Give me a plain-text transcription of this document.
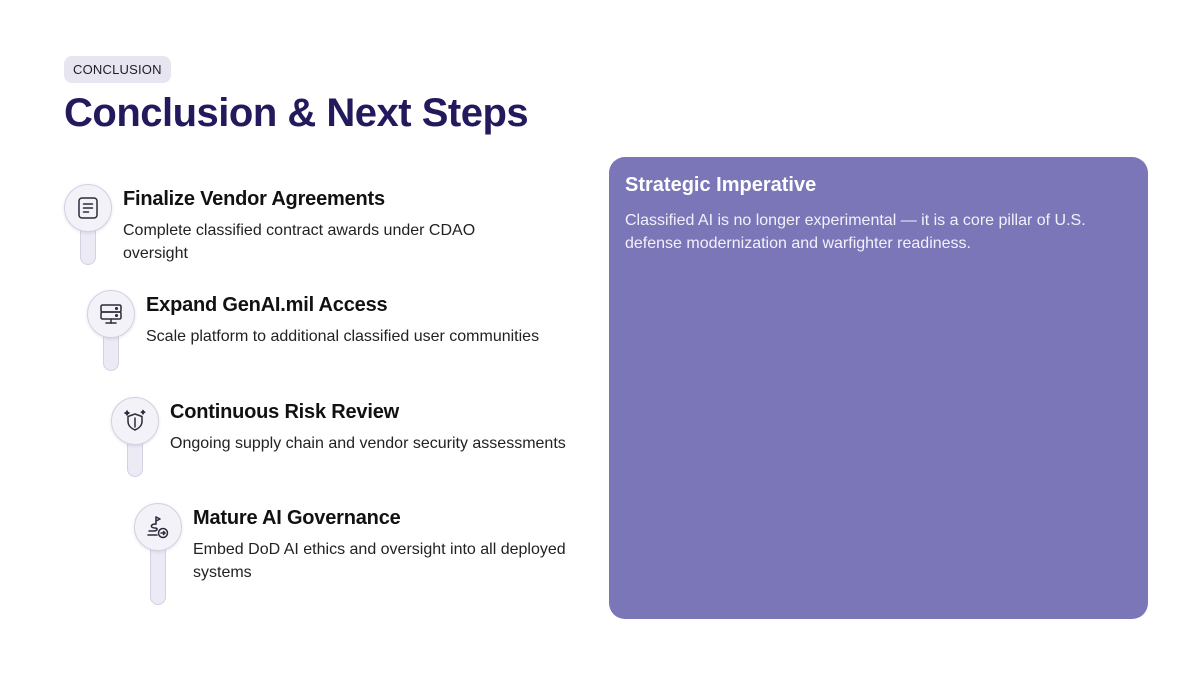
CONCLUSION
Conclusion & Next Steps
Finalize Vendor Agreements
Complete classified contract awards under CDAO oversight
Expand GenAI.mil Access
Scale platform to additional classified user communities
Continuous Risk Review
Ongoing supply chain and vendor security assessments
Mature AI Governance
Embed DoD AI ethics and oversight into all deployed systems
Strategic Imperative
Classified AI is no longer experimental — it is a core pillar of U.S. defense modernization and warfighter readiness.
